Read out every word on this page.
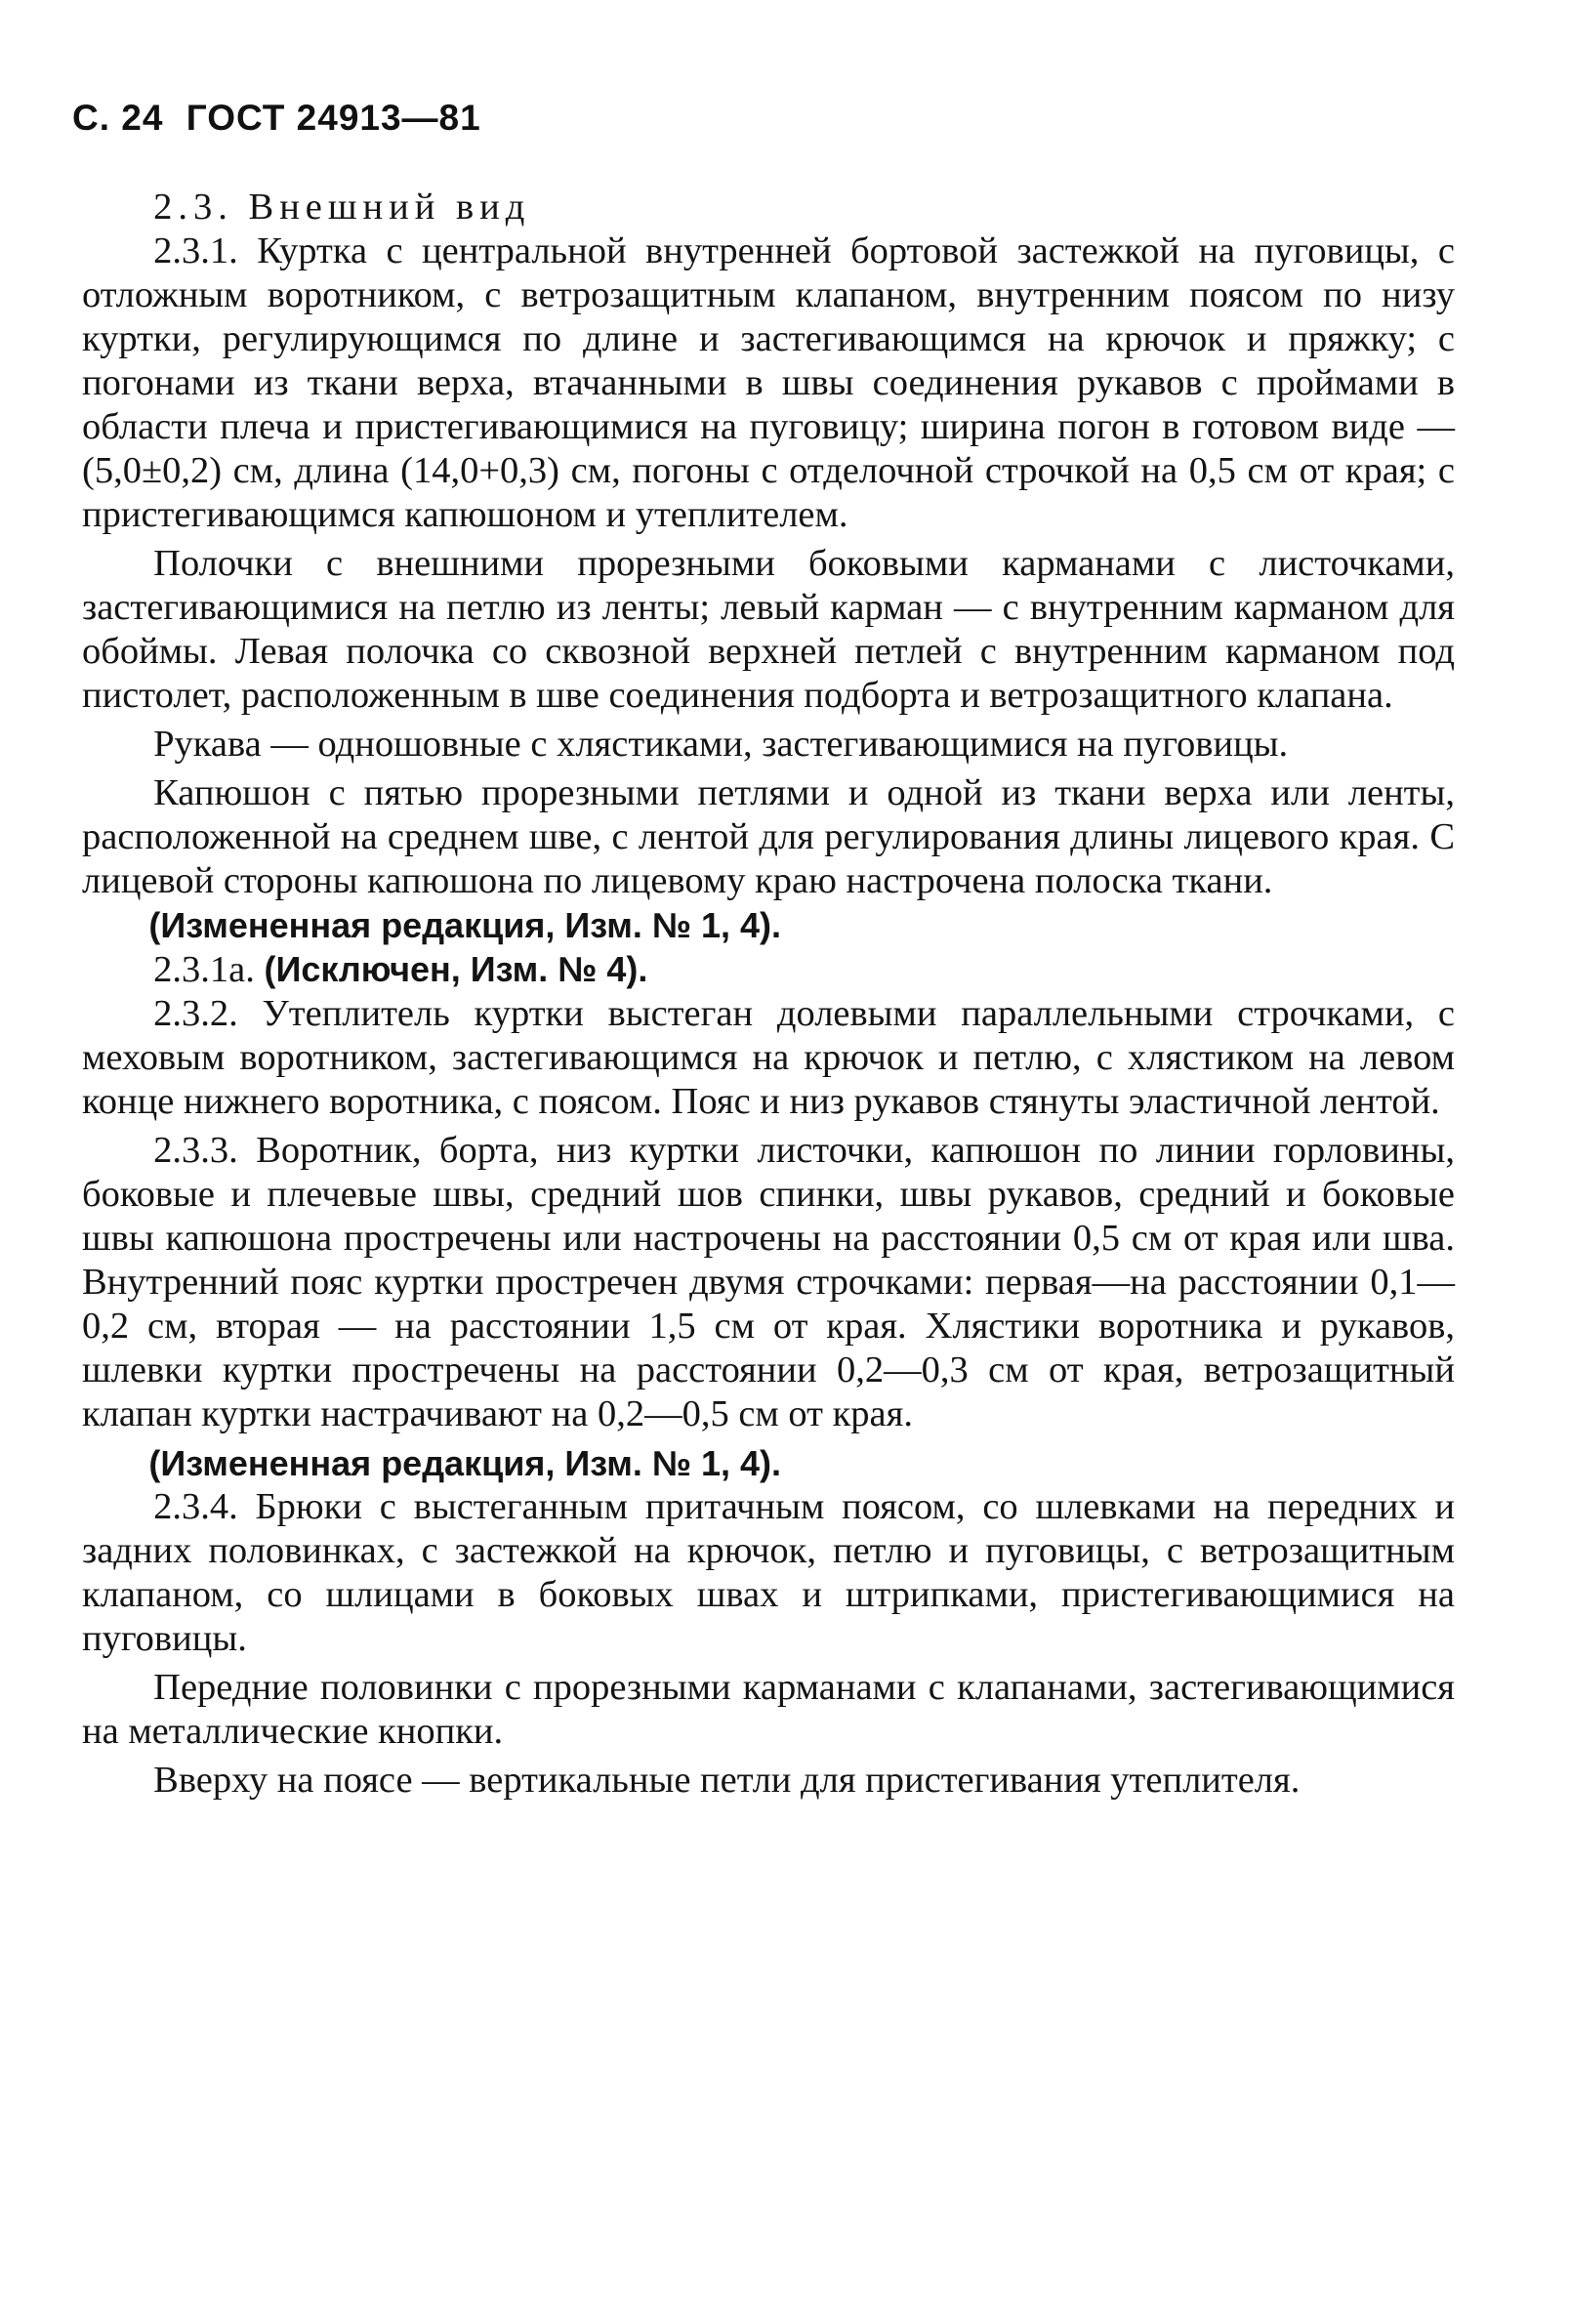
С. 24 ГОСТ 24913—81

2.3. Внешний вид

2.3.1. Куртка с центральной внутренней бортовой застежкой на пуговицы, с отложным воротником, с ветрозащитным клапаном, внутренним поясом по низу куртки, регулирующимся по длине и застегивающимся на крючок и пряжку; с погонами из ткани верха, втачанными в швы соединения рукавов с проймами в области плеча и пристегивающимися на пуговицу; ширина погон в готовом виде — (5,0±0,2) см, длина (14,0+0,3) см, погоны с отделочной строчкой на 0,5 см от края; с пристегивающимся капюшоном и утеплителем.

Полочки с внешними прорезными боковыми карманами с листочками, застегивающимися на петлю из ленты; левый карман — с внутренним карманом для обоймы. Левая полочка со сквозной верхней петлей с внутренним карманом под пистолет, расположенным в шве соединения подборта и ветрозащитного клапана.

Рукава — одношовные с хлястиками, застегивающимися на пуговицы.

Капюшон с пятью прорезными петлями и одной из ткани верха или ленты, расположенной на среднем шве, с лентой для регулирования длины лицевого края. С лицевой стороны капюшона по лицевому краю настрочена полоска ткани.

(Измененная редакция, Изм. № 1, 4).

2.3.1а. (Исключен, Изм. № 4).

2.3.2. Утеплитель куртки выстеган долевыми параллельными строчками, с меховым воротником, застегивающимся на крючок и петлю, с хлястиком на левом конце нижнего воротника, с поясом. Пояс и низ рукавов стянуты эластичной лентой.

2.3.3. Воротник, борта, низ куртки листочки, капюшон по линии горловины, боковые и плечевые швы, средний шов спинки, швы рукавов, средний и боковые швы капюшона простречены или настрочены на расстоянии 0,5 см от края или шва. Внутренний пояс куртки простречен двумя строчками: первая—на расстоянии 0,1—0,2 см, вторая — на расстоянии 1,5 см от края. Хлястики воротника и рукавов, шлевки куртки простречены на расстоянии 0,2—0,3 см от края, ветрозащитный клапан куртки настрачивают на 0,2—0,5 см от края.

(Измененная редакция, Изм. № 1, 4).

2.3.4. Брюки с выстеганным притачным поясом, со шлевками на передних и задних половинках, с застежкой на крючок, петлю и пуговицы, с ветрозащитным клапаном, со шлицами в боковых швах и штрипками, пристегивающимися на пуговицы.

Передние половинки с прорезными карманами с клапанами, застегивающимися на металлические кнопки.

Вверху на поясе — вертикальные петли для пристегивания утеплителя.
